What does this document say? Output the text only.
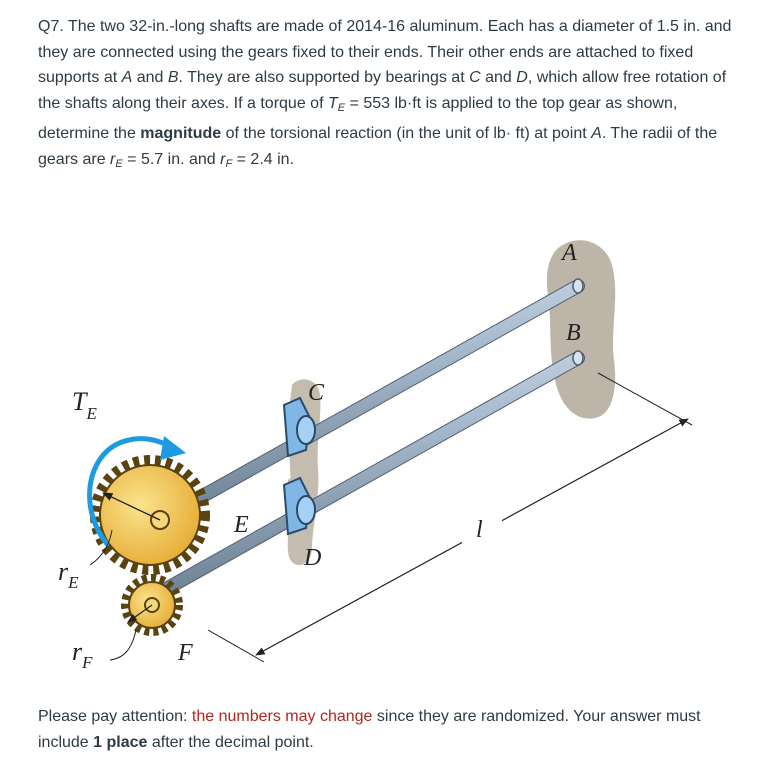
Q7. The two 32-in.-long shafts are made of 2014-16 aluminum. Each has a diameter of 1.5 in. and they are connected using the gears fixed to their ends. Their other ends are attached to fixed supports at A and B. They are also supported by bearings at C and D, which allow free rotation of the shafts along their axes. If a torque of $T_E = 553$ lb·ft is applied to the top gear as shown, determine the magnitude of the torsional reaction (in the unit of lb· ft) at point A. The radii of the gears are $r_E = 5.7$ in. and $r_F = 2.4$ in.
A
B
C
D
E
F
$T_E$
$r_E$
$r_F$
l
Please pay attention: the numbers may change since they are randomized. Your answer must include 1 place after the decimal point.
